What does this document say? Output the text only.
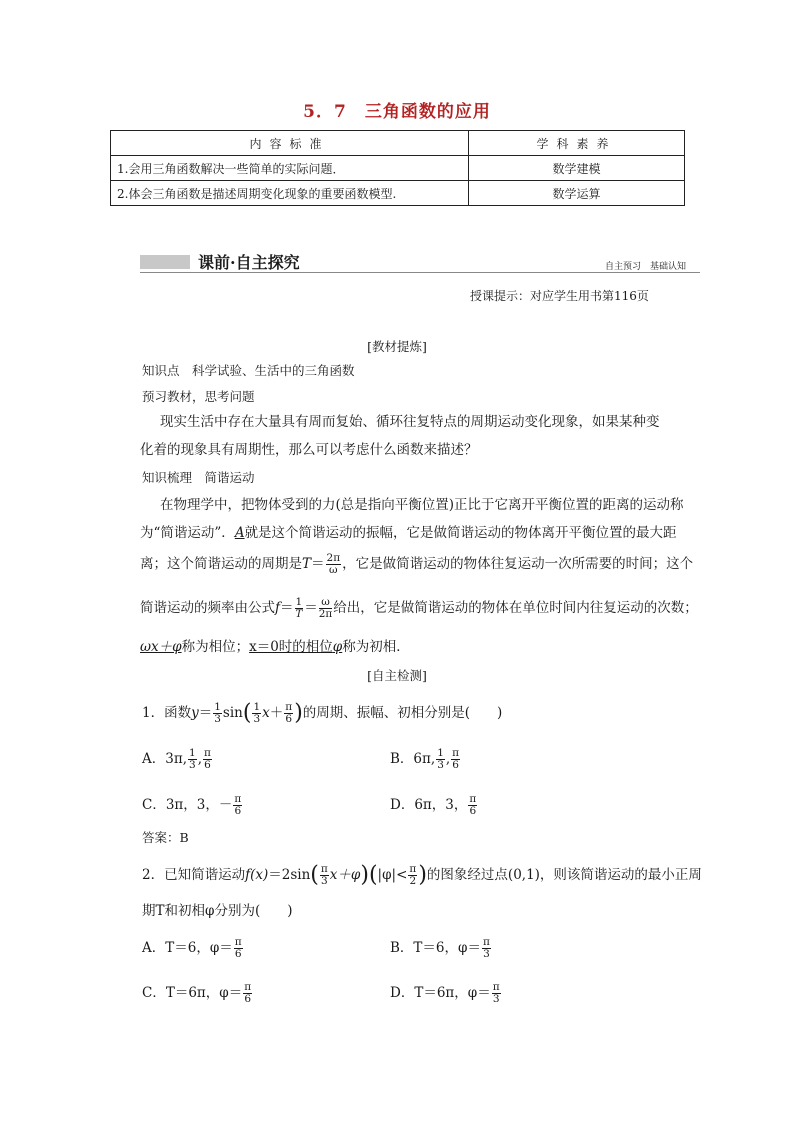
5．7　三角函数的应用
内容标准	学科素养
1.会用三角函数解决一些简单的实际问题．	数学建模
2.体会三角函数是描述周期变化现象的重要函数模型.	数学运算
课前·自主探究	自主预习　基础认知
授课提示：对应学生用书第116页
[教材提炼]
知识点　科学试验、生活中的三角函数
预习教材，思考问题
现实生活中存在大量具有周而复始、循环往复特点的周期运动变化现象，如果某种变
化着的现象具有周期性，那么可以考虑什么函数来描述？
知识梳理　简谐运动
在物理学中，把物体受到的力(总是指向平衡位置)正比于它离开平衡位置的距离的运动称
为“简谐运动”．A就是这个简谐运动的振幅，它是做简谐运动的物体离开平衡位置的最大距
离；这个简谐运动的周期是$T= \frac{2\pi}{\omega}$ ，它是做简谐运动的物体往复运动一次所需要的时间；这个
简谐运动的频率由公式$f= \frac{1}{T} = \frac{\omega}{2\pi}$ 给出，它是做简谐运动的物体在单位时间内往复运动的次数；
ωx＋φ称为相位；x＝0时的相位φ称为初相．
[自主检测]
1．函数$y= \frac{1}{3} \sin( \frac{1}{3} x+ \frac{\pi}{6}$ )的周期、振幅、初相分别是(　　)
A．3π, $\frac{1}{3}$ , $\frac{\pi}{6}$	B．6π, $\frac{1}{3}$ , $\frac{\pi}{6}$
C．3π，3，－ $\frac{\pi}{6}$	D．6π，3， $\frac{\pi}{6}$
答案：B
2．已知简谐运动$f(x)=2\sin( \frac{\pi}{3} x+\varphi)(|\varphi|< \frac{\pi}{2}$ )的图象经过点(0,1)，则该简谐运动的最小正周
期T和初相φ分别为(　　)
A．T＝6，$\varphi= \frac{\pi}{6}$	B．T＝6，$\varphi= \frac{\pi}{3}$
C．T＝6π，$\varphi= \frac{\pi}{6}$	D．T＝6π，$\varphi= \frac{\pi}{3}$
